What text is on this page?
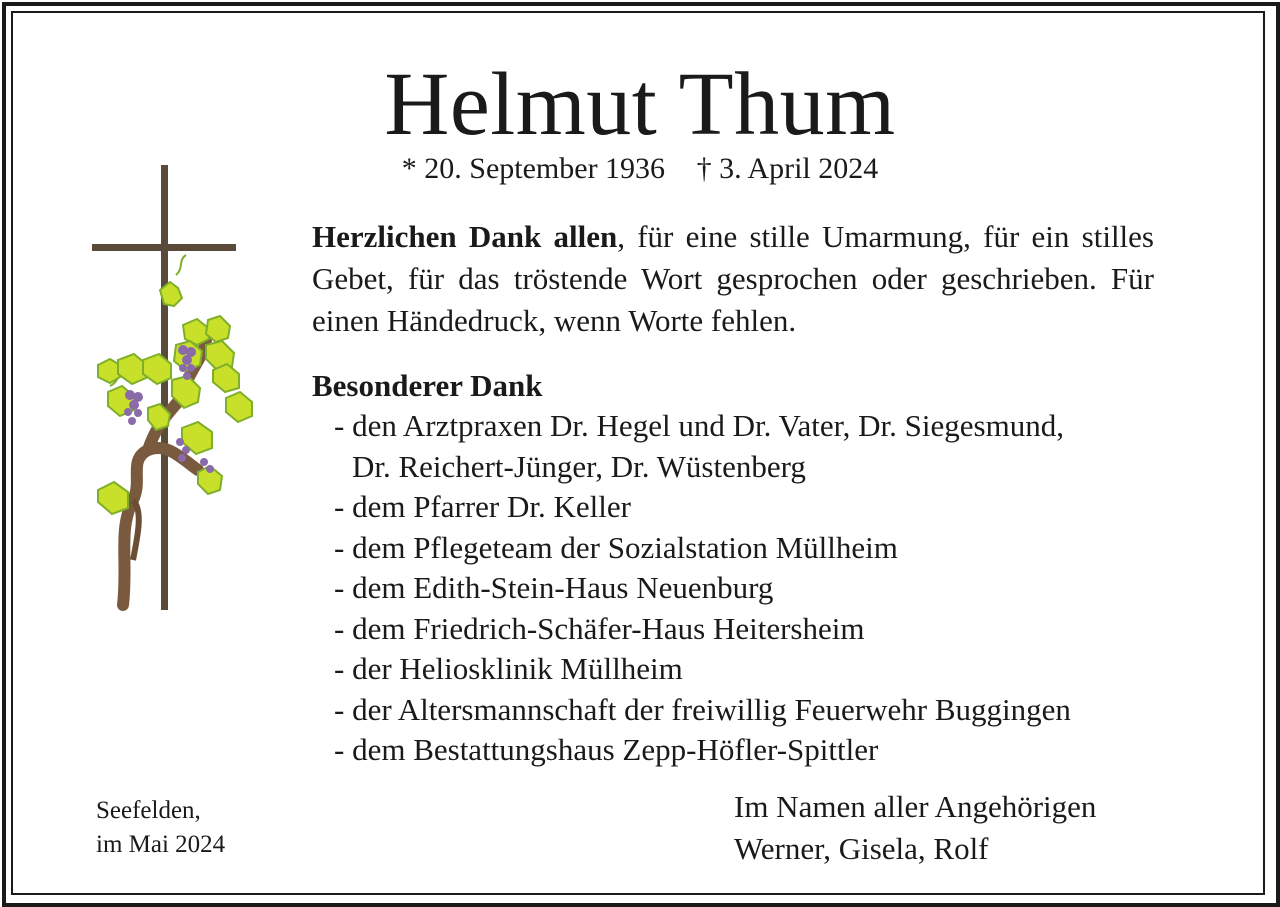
Helmut Thum
* 20. September 1936 † 3. April 2024
Herzlichen Dank allen, für eine stille Umarmung, für ein stilles Gebet, für das tröstende Wort gesprochen oder geschrieben. Für einen Händedruck, wenn Worte fehlen.
Besonderer Dank
- den Arztpraxen Dr. Hegel und Dr. Vater, Dr. Siegesmund,
Dr. Reichert-Jünger, Dr. Wüstenberg
- dem Pfarrer Dr. Keller
- dem Pflegeteam der Sozialstation Müllheim
- dem Edith-Stein-Haus Neuenburg
- dem Friedrich-Schäfer-Haus Heitersheim
- der Heliosklinik Müllheim
- der Altersmannschaft der freiwillig Feuerwehr Buggingen
- dem Bestattungshaus Zepp-Höfler-Spittler
Seefelden,
im Mai 2024
Im Namen aller Angehörigen
Werner, Gisela, Rolf
